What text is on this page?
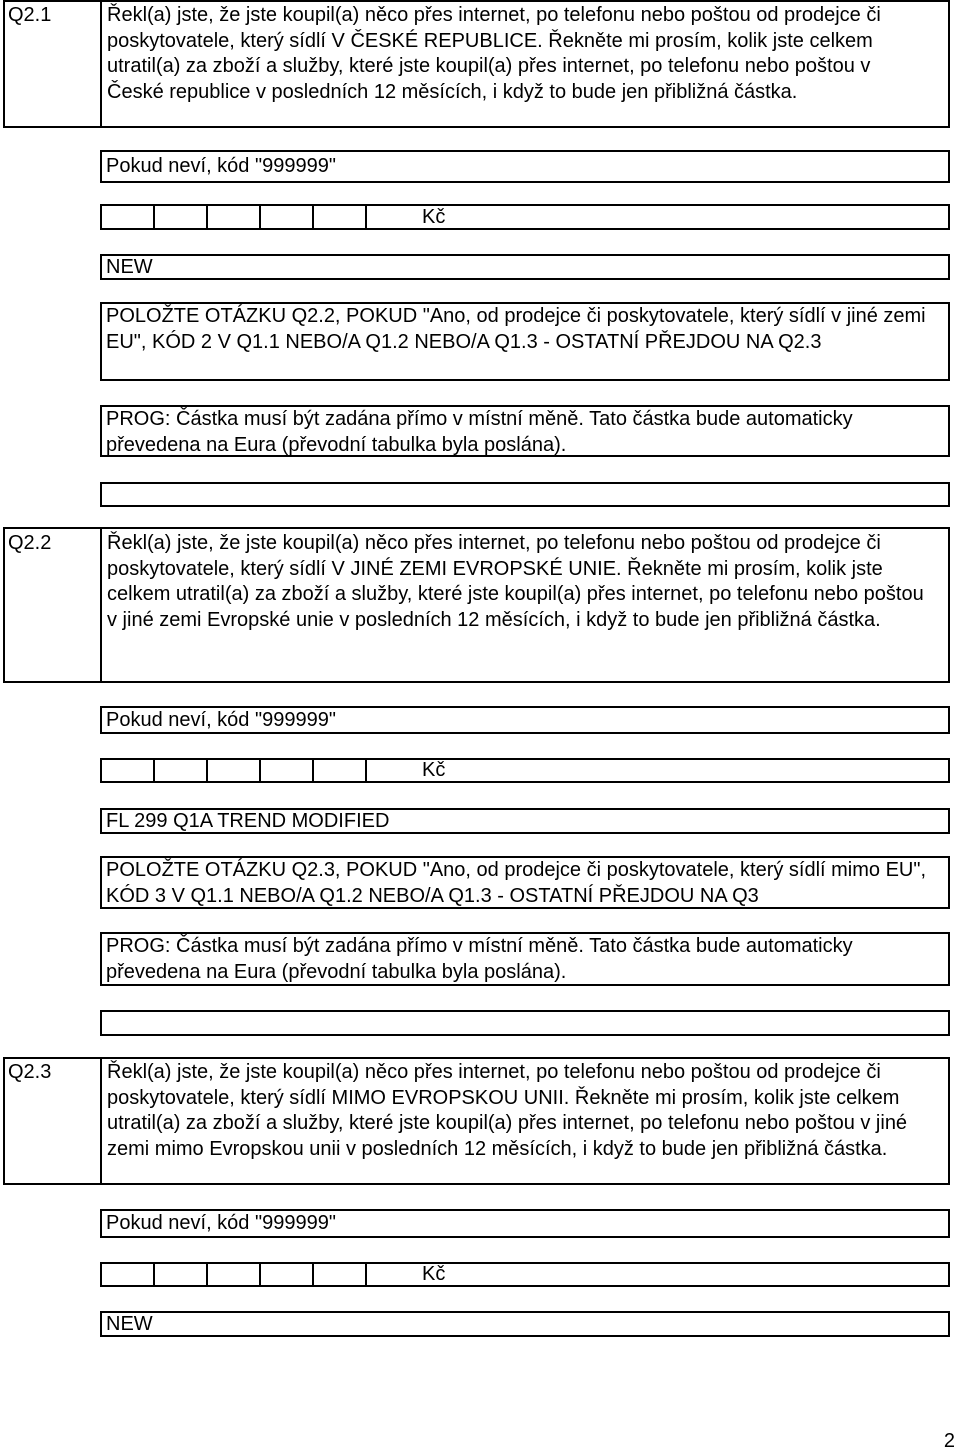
Q2.1	Řekl(a) jste, že jste koupil(a) něco přes internet, po telefonu nebo poštou od prodejce či
poskytovatele, který sídlí V ČESKÉ REPUBLICE. Řekněte mi prosím, kolik jste celkem
utratil(a) za zboží a služby, které jste koupil(a) přes internet, po telefonu nebo poštou v
České republice v posledních 12 měsících, i když to bude jen přibližná částka.
Pokud neví, kód "999999"
Kč
NEW
POLOŽTE OTÁZKU Q2.2, POKUD "Ano, od prodejce či poskytovatele, který sídlí v jiné zemi
EU", KÓD 2 V Q1.1 NEBO/A Q1.2 NEBO/A Q1.3 - OSTATNÍ PŘEJDOU NA Q2.3
PROG: Částka musí být zadána přímo v místní měně. Tato částka bude automaticky
převedena na Eura (převodní tabulka byla poslána).
Q2.2	Řekl(a) jste, že jste koupil(a) něco přes internet, po telefonu nebo poštou od prodejce či
poskytovatele, který sídlí V JINÉ ZEMI EVROPSKÉ UNIE. Řekněte mi prosím, kolik jste
celkem utratil(a) za zboží a služby, které jste koupil(a) přes internet, po telefonu nebo poštou
v jiné zemi Evropské unie v posledních 12 měsících, i když to bude jen přibližná částka.
Pokud neví, kód "999999"
Kč
FL 299 Q1A TREND MODIFIED
POLOŽTE OTÁZKU Q2.3, POKUD "Ano, od prodejce či poskytovatele, který sídlí mimo EU",
KÓD 3 V Q1.1 NEBO/A Q1.2 NEBO/A Q1.3 - OSTATNÍ PŘEJDOU NA Q3
PROG: Částka musí být zadána přímo v místní měně. Tato částka bude automaticky
převedena na Eura (převodní tabulka byla poslána).
Q2.3	Řekl(a) jste, že jste koupil(a) něco přes internet, po telefonu nebo poštou od prodejce či
poskytovatele, který sídlí MIMO EVROPSKOU UNII. Řekněte mi prosím, kolik jste celkem
utratil(a) za zboží a služby, které jste koupil(a) přes internet, po telefonu nebo poštou v jiné
zemi mimo Evropskou unii v posledních 12 měsících, i když to bude jen přibližná částka.
Pokud neví, kód "999999"
Kč
NEW
2
